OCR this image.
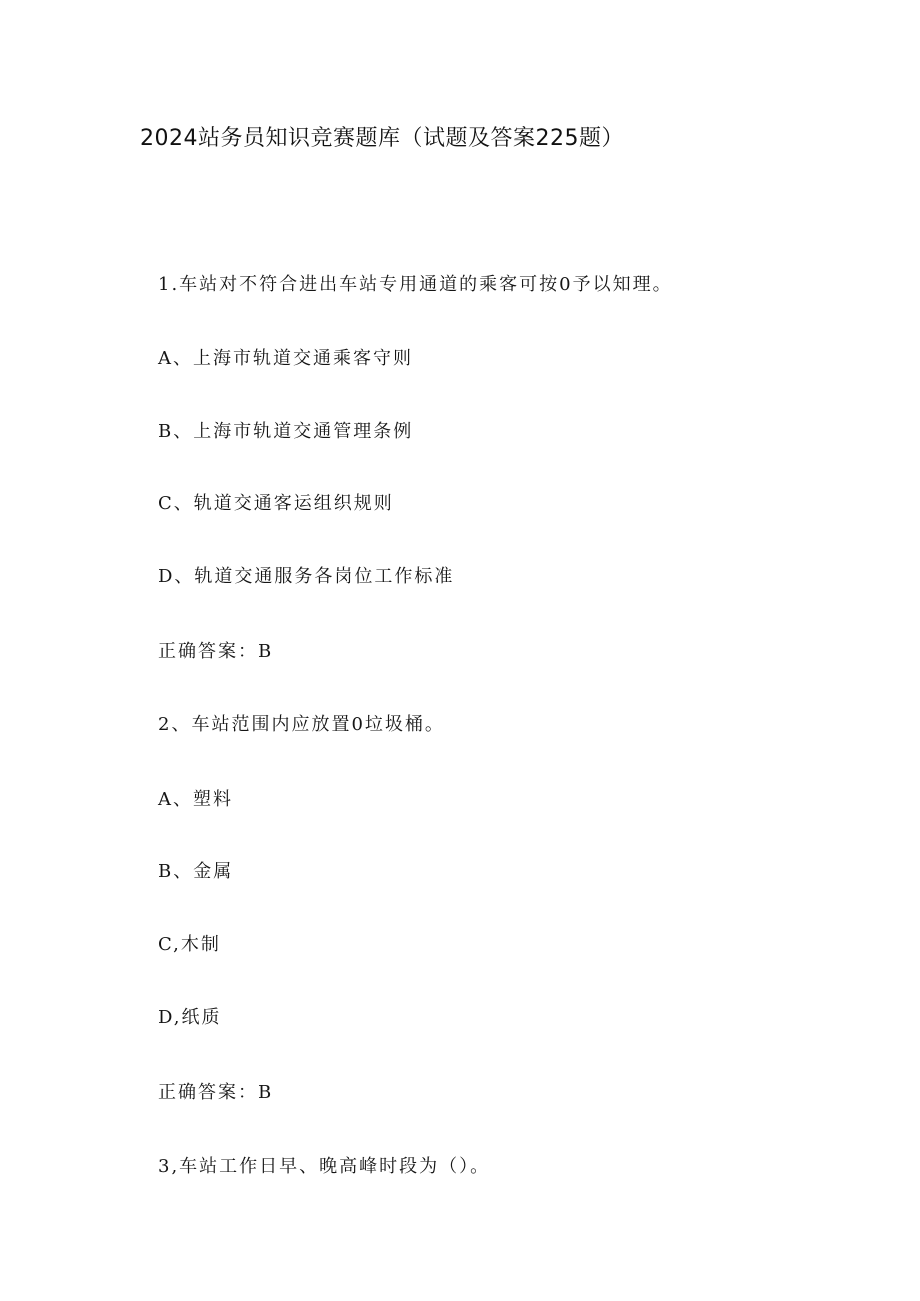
2024站务员知识竞赛题库（试题及答案225题）
1.车站对不符合进出车站专用通道的乘客可按0予以知理。
A、上海市轨道交通乘客守则
B、上海市轨道交通管理条例
C、轨道交通客运组织规则
D、轨道交通服务各岗位工作标准
正确答案：B
2、车站范围内应放置0垃圾桶。
A、塑料
B、金属
C,木制
D,纸质
正确答案：B
3,车站工作日早、晚高峰时段为（）。
